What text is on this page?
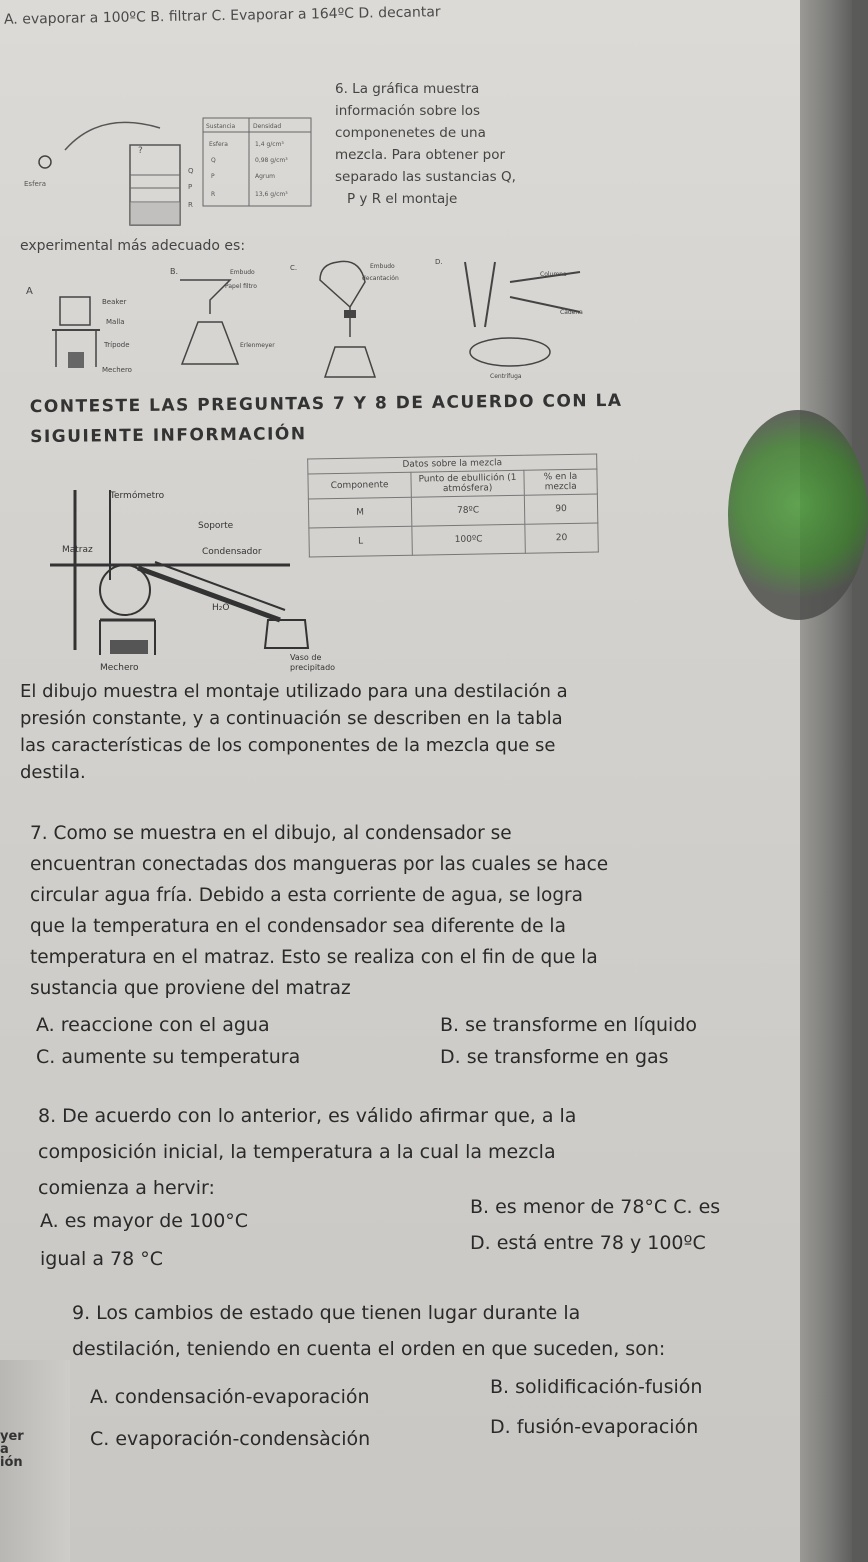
A. evaporar a 100ºC B. filtrar C. Evaporar a 164ºC D. decantar
6. La gráfica muestra
información sobre los
componenetes de una
mezcla. Para obtener por
separado las sustancias Q,
P y R el montaje
experimental más adecuado es:
?
Esfera
Q
P
R
Sustancia	Densidad
Esfera	1,4 g/cm³
Q	0,98 g/cm³
P	Agrum
R	13,6 g/cm³
A
Beaker
Malla
Trípode
Mechero
B.	Embudo
Papel filtro
Erlenmeyer
C.	Embudo
decantación
D.
Columna
Cadena
Centrífuga
CONTESTE LAS PREGUNTAS 7 Y 8 DE ACUERDO CON LA
SIGUIENTE INFORMACIÓN
Termómetro
Soporte
Matraz	Condensador
H₂O
Mechero
Vaso de
precipitado
Datos sobre la mezcla		
Componente	Punto de ebullición (1 atmósfera)	% en la mezcla
M	78ºC	90
L	100ºC	20
El dibujo muestra el montaje utilizado para una destilación a
presión constante, y a continuación se describen en la tabla
las características de los componentes de la mezcla que se
destila.
7. Como se muestra en el dibujo, al condensador se
encuentran conectadas dos mangueras por las cuales se hace
circular agua fría. Debido a esta corriente de agua, se logra
que la temperatura en el condensador sea diferente de la
temperatura en el matraz. Esto se realiza con el fin de que la
sustancia que proviene del matraz
A. reaccione con el agua	B. se transforme en líquido
C. aumente su temperatura	D. se transforme en gas
8. De acuerdo con lo anterior, es válido afirmar que, a la
composición inicial, la temperatura a la cual la mezcla
comienza a hervir:
A. es mayor de 100°C
B. es menor de 78°C C. es
igual a 78 °C
D. está entre 78 y 100ºC
9. Los cambios de estado que tienen lugar durante la
destilación, teniendo en cuenta el orden en que suceden, son:
A. condensación-evaporación	B. solidificación-fusión
C. evaporación-condensàción
D. fusión-evaporación
yer
a
ión
